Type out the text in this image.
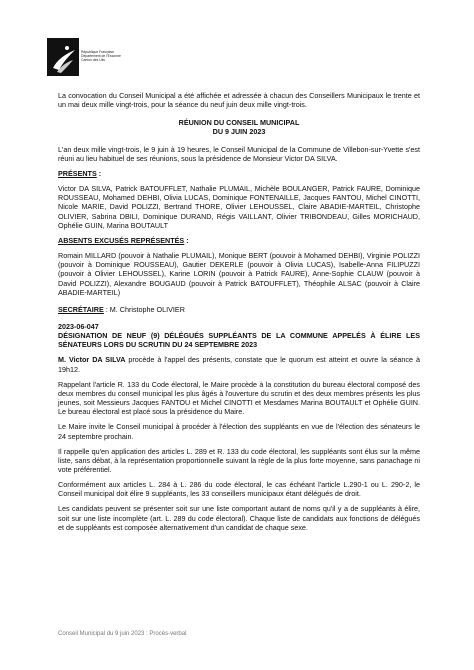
République Française
Département de l'Essonne
Canton des Ulis

La convocation du Conseil Municipal a été affichée et adressée à chacun des Conseillers Municipaux le trente et un mai deux mille vingt-trois, pour la séance du neuf juin deux mille vingt-trois.

RÉUNION DU CONSEIL MUNICIPAL
DU 9 JUIN 2023

L'an deux mille vingt-trois, le 9 juin à 19 heures, le Conseil Municipal de la Commune de Villebon-sur-Yvette s'est réuni au lieu habituel de ses réunions, sous la présidence de Monsieur Victor DA SILVA.

PRÉSENTS :

Victor DA SILVA, Patrick BATOUFFLET, Nathalie PLUMAIL, Michèle BOULANGER, Patrick FAURE, Dominique ROUSSEAU, Mohamed DEHBI, Olivia LUCAS, Dominique FONTENAILLE, Jacques FANTOU, Michel CINOTTI, Nicole MARIE, David POLIZZI, Bertrand THORE, Olivier LEHOUSSEL, Claire ABADIE-MARTEIL, Christophe OLIVIER, Sabrina DBILI, Dominique DURAND, Régis VAILLANT, Olivier TRIBONDEAU, Gilles MORICHAUD, Ophélie GUIN, Marina BOUTAULT

ABSENTS EXCUSÉS REPRÉSENTÉS :

Romain MILLARD (pouvoir à Nathalie PLUMAIL), Monique BERT (pouvoir à Mohamed DEHBI), Virginie POLIZZI (pouvoir à Dominique ROUSSEAU), Gautier DEKERLE (pouvoir à Olivia LUCAS), Isabelle-Anna FILIPUZZI (pouvoir à Olivier LEHOUSSEL), Karine LORIN (pouvoir à Patrick FAURE), Anne-Sophie CLAUW (pouvoir à David POLIZZI), Alexandre BOUGAUD (pouvoir à Patrick BATOUFFLET), Théophile ALSAC (pouvoir à Claire ABADIE-MARTEIL)

SECRÉTAIRE : M. Christophe OLIVIER

2023-06-047

DÉSIGNATION DE NEUF (9) DÉLÉGUÉS SUPPLÉANTS DE LA COMMUNE APPELÉS À ÉLIRE LES SÉNATEURS LORS DU SCRUTIN DU 24 SEPTEMBRE 2023

M. Victor DA SILVA procède à l'appel des présents, constate que le quorum est atteint et ouvre la séance à 19h12.

Rappelant l'article R. 133 du Code électoral, le Maire procède à la constitution du bureau électoral composé des deux membres du conseil municipal les plus âgés à l'ouverture du scrutin et des deux membres présents les plus jeunes, soit Messieurs Jacques FANTOU et Michel CINOTTI et Mesdames Marina BOUTAULT et Ophélie GUIN. Le bureau électoral est placé sous la présidence du Maire.

Le Maire invite le Conseil municipal à procéder à l'élection des suppléants en vue de l'élection des sénateurs le 24 septembre prochain.

Il rappelle qu'en application des articles L. 289 et R. 133 du code électoral, les suppléants sont élus sur la même liste, sans débat, à la représentation proportionnelle suivant la règle de la plus forte moyenne, sans panachage ni vote préférentiel.

Conformément aux articles L. 284 à L. 286 du code électoral, le cas échéant l'article L.290-1 ou L. 290-2, le Conseil municipal doit élire 9 suppléants, les 33 conseillers municipaux étant délégués de droit.

Les candidats peuvent se présenter soit sur une liste comportant autant de noms qu'il y a de suppléants à élire, soit sur une liste incomplète (art. L. 289 du code électoral). Chaque liste de candidats aux fonctions de délégués et de suppléants est composée alternativement d'un candidat de chaque sexe.

Conseil Municipal du 9 juin 2023 : Procès-verbal
